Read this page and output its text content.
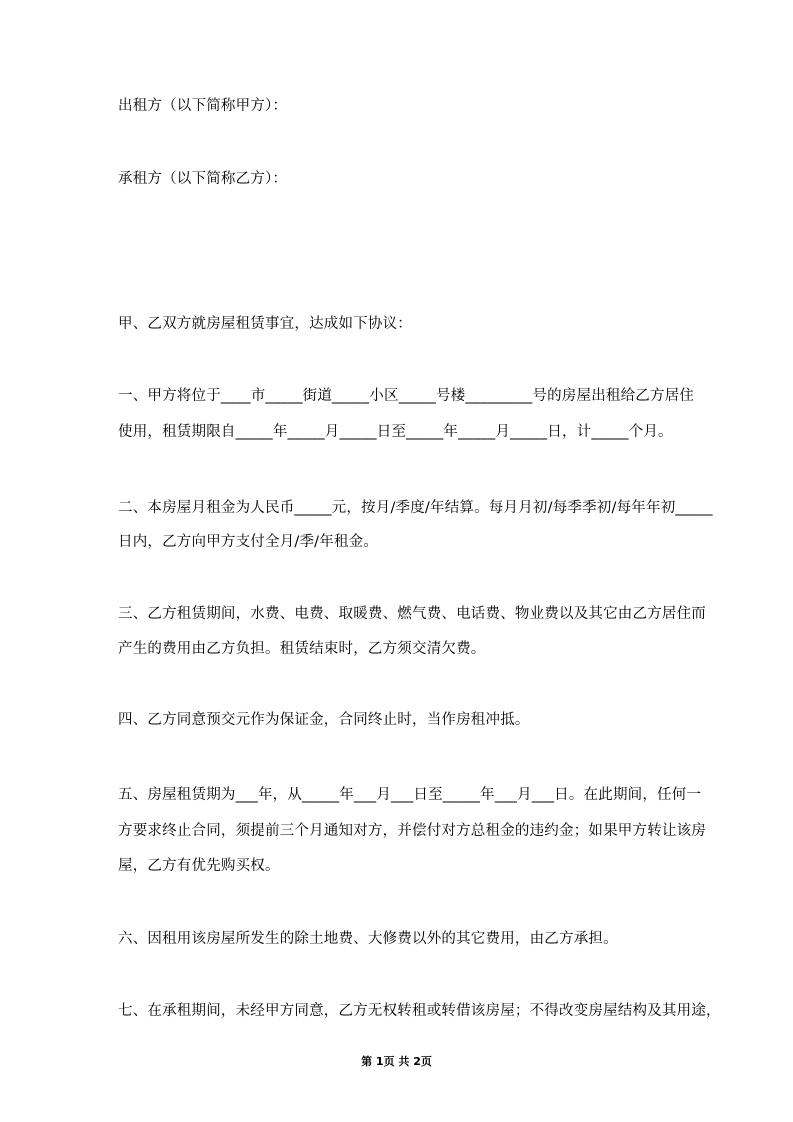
出租方（以下简称甲方）：
承租方（以下简称乙方）：
甲、乙双方就房屋租赁事宜，达成如下协议：
一、甲方将位于____市_____街道_____小区_____号楼_________号的房屋出租给乙方居住
使用，租赁期限自_____年_____月_____日至_____年_____月_____日，计_____个月。
二、本房屋月租金为人民币_____元，按月/季度/年结算。每月月初/每季季初/每年年初_____
日内，乙方向甲方支付全月/季/年租金。
三、乙方租赁期间，水费、电费、取暖费、燃气费、电话费、物业费以及其它由乙方居住而
产生的费用由乙方负担。租赁结束时，乙方须交清欠费。
四、乙方同意预交元作为保证金，合同终止时，当作房租冲抵。
五、房屋租赁期为___年，从_____年___月___日至_____年___月___日。在此期间，任何一
方要求终止合同，须提前三个月通知对方，并偿付对方总租金的违约金；如果甲方转让该房
屋，乙方有优先购买权。
六、因租用该房屋所发生的除土地费、大修费以外的其它费用，由乙方承担。
七、在承租期间，未经甲方同意，乙方无权转租或转借该房屋；不得改变房屋结构及其用途，
第 1页 共 2页
